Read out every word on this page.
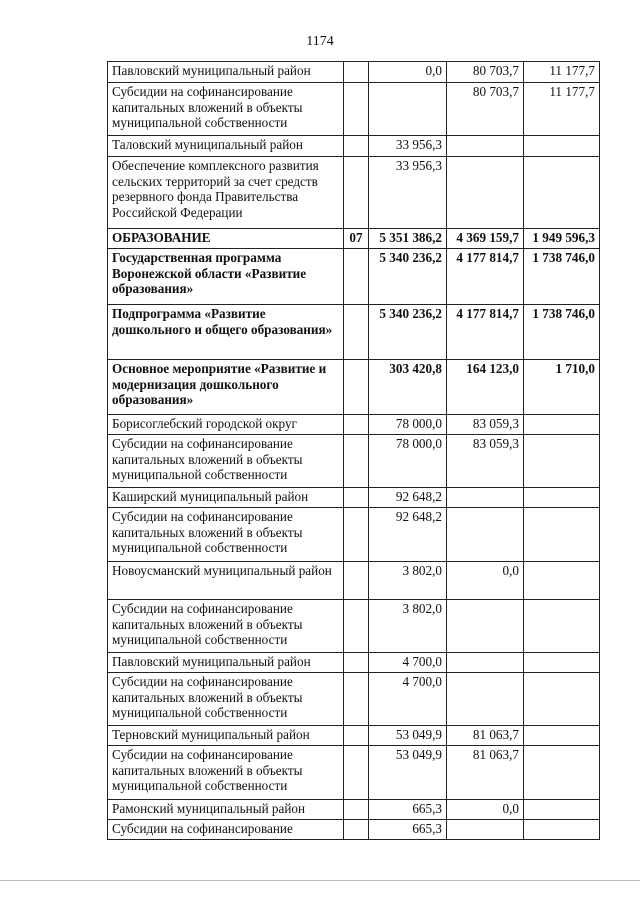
1174
Павловский муниципальный район		0,0	80 703,7	11 177,7
Субсидии на софинансирование капитальных вложений в объекты муниципальной собственности			80 703,7	11 177,7
Таловский муниципальный район		33 956,3		
Обеспечение комплексного развития сельских территорий за счет средств резервного фонда Правительства Российской Федерации		33 956,3		
ОБРАЗОВАНИЕ	07	5 351 386,2	4 369 159,7	1 949 596,3
Государственная программа Воронежской области «Развитие образования»		5 340 236,2	4 177 814,7	1 738 746,0
Подпрограмма «Развитие дошкольного и общего образования»		5 340 236,2	4 177 814,7	1 738 746,0
Основное мероприятие «Развитие и модернизация дошкольного образования»		303 420,8	164 123,0	1 710,0
Борисоглебский городской округ		78 000,0	83 059,3	
Субсидии на софинансирование капитальных вложений в объекты муниципальной собственности		78 000,0	83 059,3	
Каширский муниципальный район		92 648,2		
Субсидии на софинансирование капитальных вложений в объекты муниципальной собственности		92 648,2		
Новоусманский муниципальный район		3 802,0	0,0	
Субсидии на софинансирование капитальных вложений в объекты муниципальной собственности		3 802,0		
Павловский муниципальный район		4 700,0		
Субсидии на софинансирование капитальных вложений в объекты муниципальной собственности		4 700,0		
Терновский муниципальный район		53 049,9	81 063,7	
Субсидии на софинансирование капитальных вложений в объекты муниципальной собственности		53 049,9	81 063,7	
Рамонский муниципальный район		665,3	0,0	
Субсидии на софинансирование		665,3		
